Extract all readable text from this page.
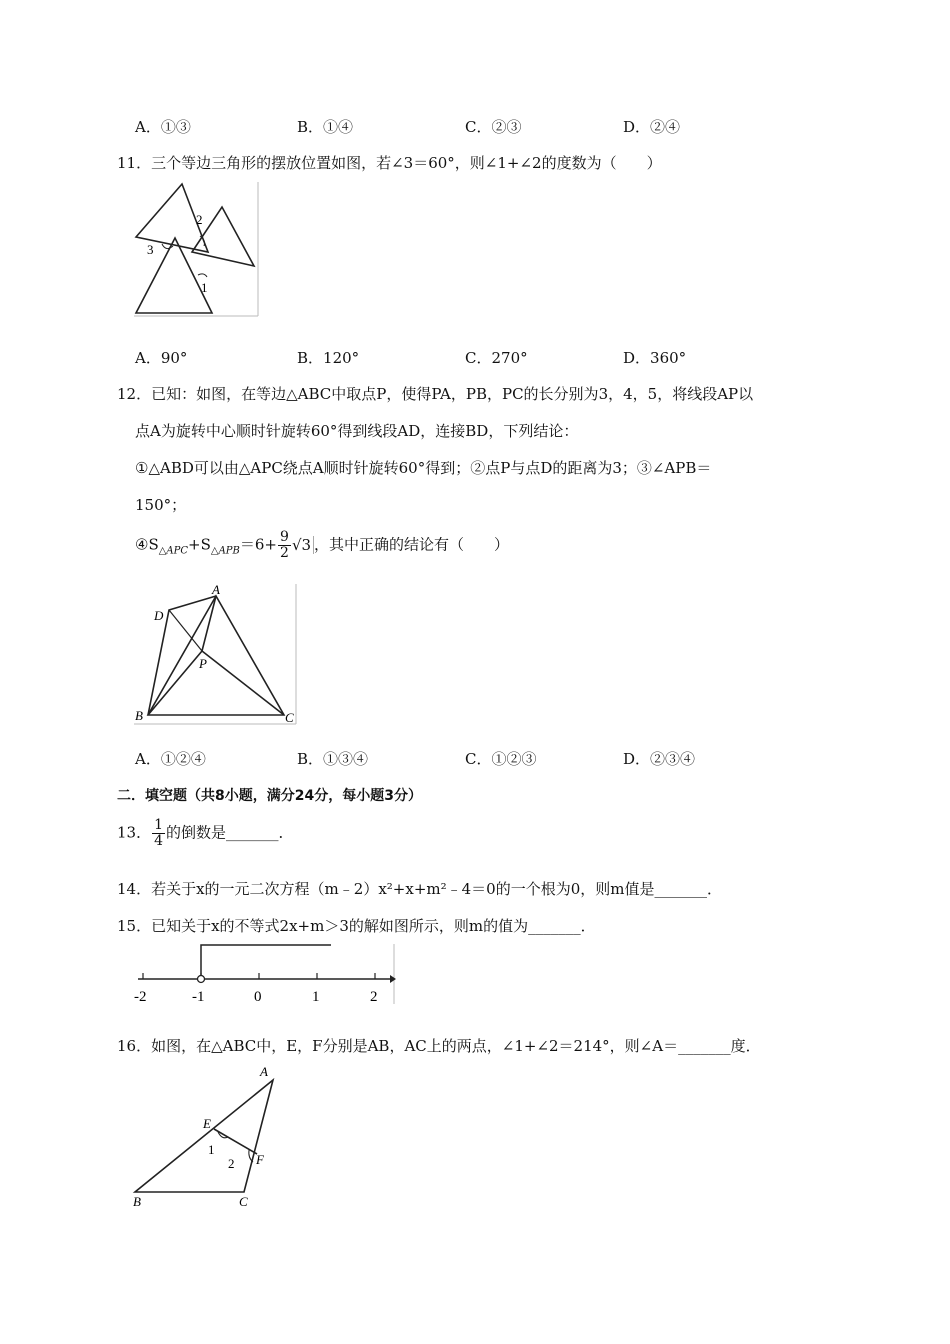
A．①③	B．①④	C．②③	D．②④
11．三个等边三角形的摆放位置如图，若∠3＝60°，则∠1+∠2的度数为（　　）
3
2
1
A．90°	B．120°	C．270°	D．360°
12．已知：如图，在等边△ABC中取点P，使得PA，PB，PC的长分别为3，4，5，将线段AP以
点A为旋转中心顺时针旋转60°得到线段AD，连接BD，下列结论：
①△ABD可以由△APC绕点A顺时针旋转60°得到；②点P与点D的距离为3；③∠APB＝
150°；
$④S_{\triangle APC}+S_{\triangle APB}=6+ \frac{9}{2} √3$ ，其中正确的结论有（　　）
A
D
P
B	C
A．①②④	B．①③④	C．①②③	D．②③④
二．填空题（共8小题，满分24分，每小题3分）
13． $\frac{1}{4}$ 的倒数是_______．
14．若关于x的一元二次方程（m﹣2）x²+x+m²﹣4＝0的一个根为0，则m值是_______．
15．已知关于x的不等式2x+m＞3的解如图所示，则m的值为_______．
-2	-1	0	1	2
16．如图，在△ABC中，E，F分别是AB，AC上的两点，∠1+∠2＝214°，则∠A＝_______度．
A
E
1
2 F
B	C
